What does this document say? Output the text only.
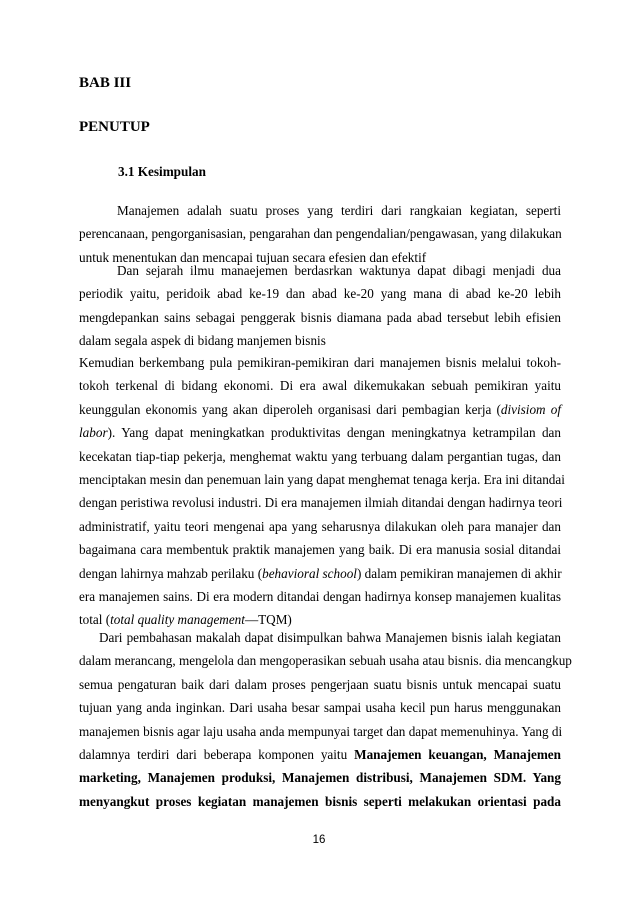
BAB III
PENUTUP
3.1 Kesimpulan
Manajemen adalah suatu proses yang terdiri dari rangkaian kegiatan, seperti
perencanaan, pengorganisasian, pengarahan dan pengendalian/pengawasan, yang dilakukan
untuk menentukan dan mencapai tujuan secara efesien dan efektif
Dan sejarah ilmu manaejemen berdasrkan waktunya dapat dibagi menjadi dua
periodik yaitu, peridoik abad ke-19 dan abad ke-20 yang mana di abad ke-20 lebih
mengdepankan sains sebagai penggerak bisnis diamana pada abad tersebut lebih efisien
dalam segala aspek di bidang manjemen bisnis
Kemudian berkembang pula pemikiran-pemikiran dari manajemen bisnis melalui tokoh-
tokoh terkenal di bidang ekonomi. Di era awal dikemukakan sebuah pemikiran yaitu
keunggulan ekonomis yang akan diperoleh organisasi dari pembagian kerja (divisiom of
labor). Yang dapat meningkatkan produktivitas dengan meningkatnya ketrampilan dan
kecekatan tiap-tiap pekerja, menghemat waktu yang terbuang dalam pergantian tugas, dan
menciptakan mesin dan penemuan lain yang dapat menghemat tenaga kerja. Era ini ditandai
dengan peristiwa revolusi industri. Di era manajemen ilmiah ditandai dengan hadirnya teori
administratif, yaitu teori mengenai apa yang seharusnya dilakukan oleh para manajer dan
bagaimana cara membentuk praktik manajemen yang baik. Di era manusia sosial ditandai
dengan lahirnya mahzab perilaku (behavioral school) dalam pemikiran manajemen di akhir
era manajemen sains. Di era modern ditandai dengan hadirnya konsep manajemen kualitas
total (total quality management—TQM)
Dari pembahasan makalah dapat disimpulkan bahwa Manajemen bisnis ialah kegiatan
dalam merancang, mengelola dan mengoperasikan sebuah usaha atau bisnis. dia mencangkup
semua pengaturan baik dari dalam proses pengerjaan suatu bisnis untuk mencapai suatu
tujuan yang anda inginkan. Dari usaha besar sampai usaha kecil pun harus menggunakan
manajemen bisnis agar laju usaha anda mempunyai target dan dapat memenuhinya. Yang di
dalamnya terdiri dari beberapa komponen yaitu Manajemen keuangan, Manajemen
marketing, Manajemen produksi, Manajemen distribusi, Manajemen SDM. Yang
menyangkut proses kegiatan manajemen bisnis seperti melakukan orientasi pada

16
